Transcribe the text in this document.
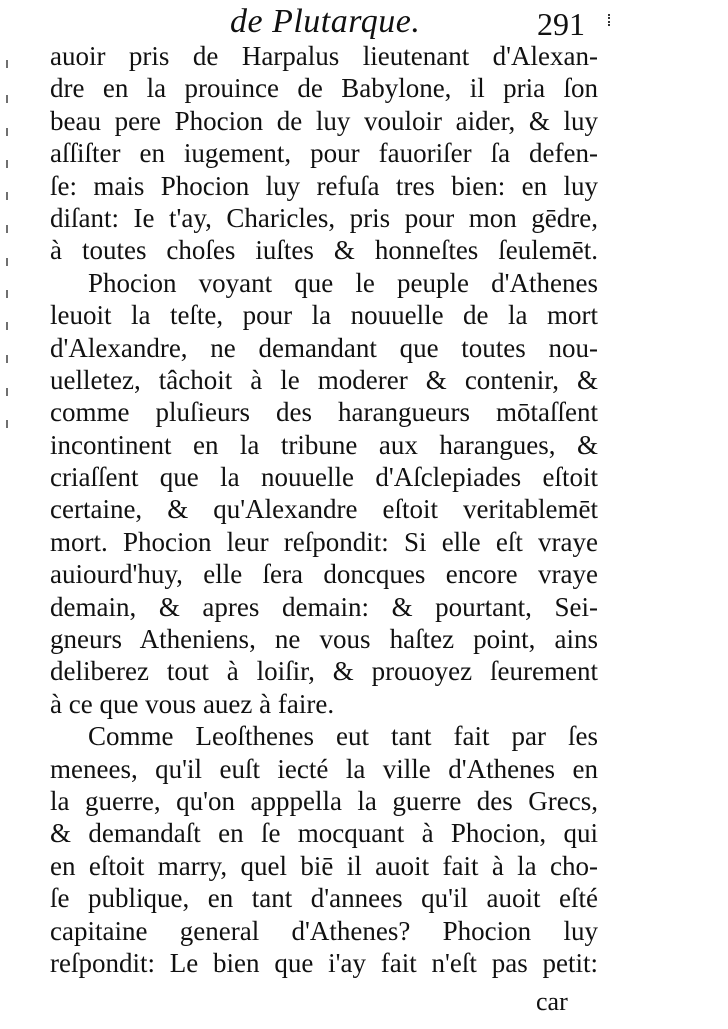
de Plutarque.	291
auoir pris de Harpalus lieutenant d'Alexan-
dre en la prouince de Babylone, il pria ſon
beau pere Phocion de luy vouloir aider, & luy
aſſiſter en iugement, pour fauoriſer ſa defen-
ſe: mais Phocion luy refuſa tres bien: en luy
diſant: Ie t'ay, Charicles, pris pour mon gēdre,
à toutes choſes iuſtes & honneſtes ſeulemēt.
Phocion voyant que le peuple d'Athenes
leuoit la teſte, pour la nouuelle de la mort
d'Alexandre, ne demandant que toutes nou-
uelletez, tâchoit à le moderer & contenir, &
comme pluſieurs des harangueurs mōtaſſent
incontinent en la tribune aux harangues, &
criaſſent que la nouuelle d'Aſclepiades eſtoit
certaine, & qu'Alexandre eſtoit veritablemēt
mort. Phocion leur reſpondit: Si elle eſt vraye
auiourd'huy, elle ſera doncques encore vraye
demain, & apres demain: & pourtant, Sei-
gneurs Atheniens, ne vous haſtez point, ains
deliberez tout à loiſir, & prouoyez ſeurement
à ce que vous auez à faire.
Comme Leoſthenes eut tant fait par ſes
menees, qu'il euſt iecté la ville d'Athenes en
la guerre, qu'on apppella la guerre des Grecs,
& demandaſt en ſe mocquant à Phocion, qui
en eſtoit marry, quel biē il auoit fait à la cho-
ſe publique, en tant d'annees qu'il auoit eſté
capitaine general d'Athenes? Phocion luy
reſpondit: Le bien que i'ay fait n'eſt pas petit:
car
